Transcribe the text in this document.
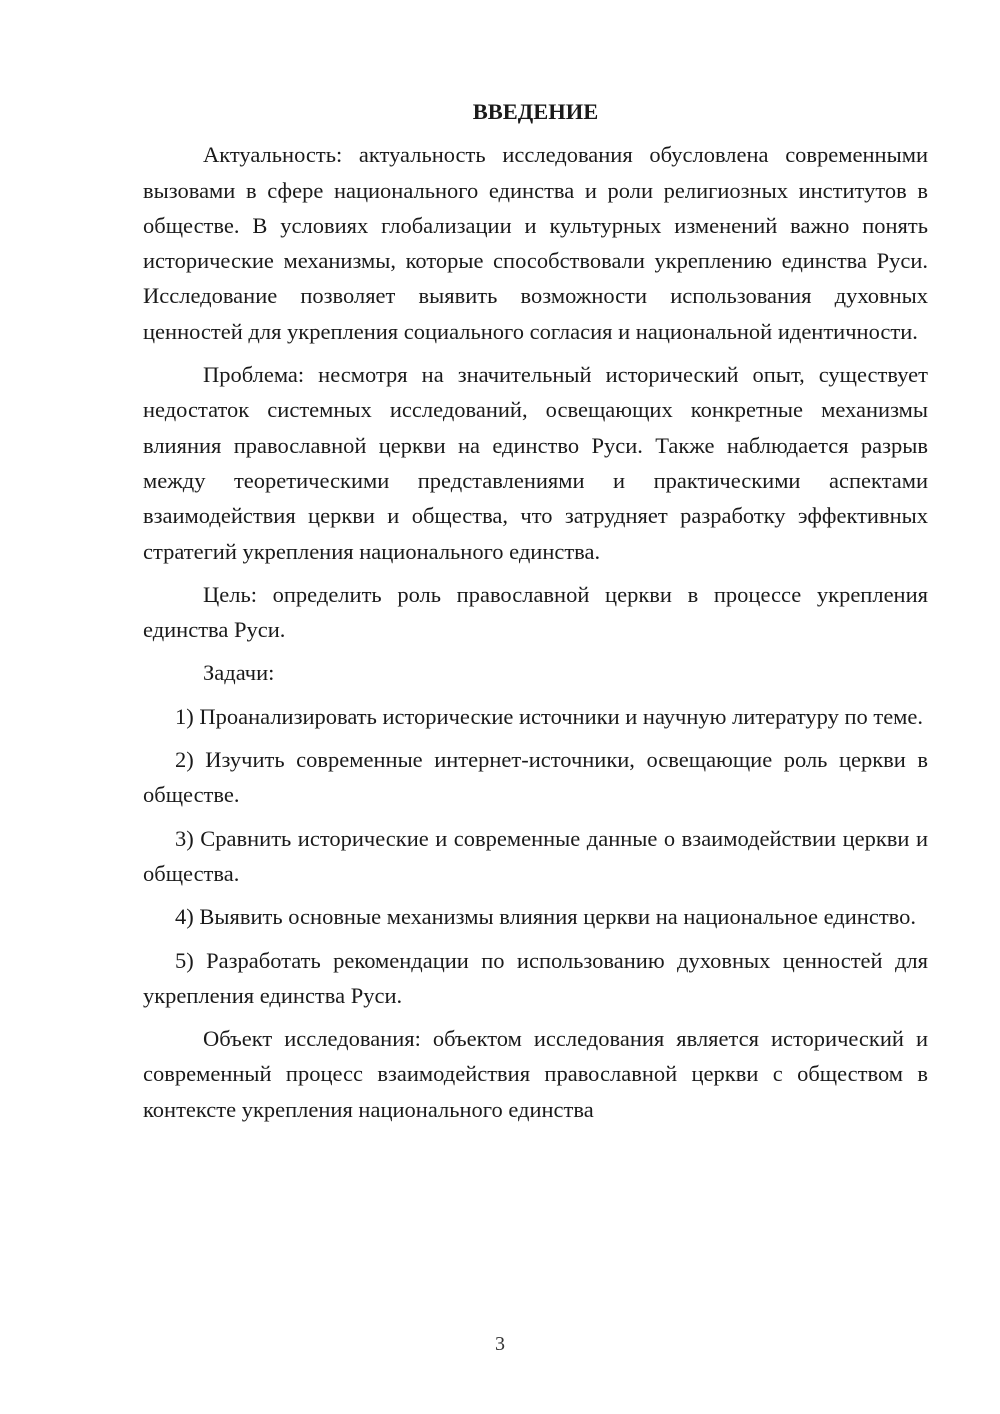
ВВЕДЕНИЕ

Актуальность: актуальность исследования обусловлена современными вызовами в сфере национального единства и роли религиозных институтов в обществе. В условиях глобализации и культурных изменений важно понять исторические механизмы, которые способствовали укреплению единства Руси. Исследование позволяет выявить возможности использования духовных ценностей для укрепления социального согласия и национальной идентичности.

Проблема: несмотря на значительный исторический опыт, существует недостаток системных исследований, освещающих конкретные механизмы влияния православной церкви на единство Руси. Также наблюдается разрыв между теоретическими представлениями и практическими аспектами взаимодействия церкви и общества, что затрудняет разработку эффективных стратегий укрепления национального единства.

Цель: определить роль православной церкви в процессе укрепления единства Руси.

Задачи:

1) Проанализировать исторические источники и научную литературу по теме.

2) Изучить современные интернет-источники, освещающие роль церкви в обществе.

3) Сравнить исторические и современные данные о взаимодействии церкви и общества.

4) Выявить основные механизмы влияния церкви на национальное единство.

5) Разработать рекомендации по использованию духовных ценностей для укрепления единства Руси.

Объект исследования: объектом исследования является исторический и современный процесс взаимодействия православной церкви с обществом в контексте укрепления национального единства

3
